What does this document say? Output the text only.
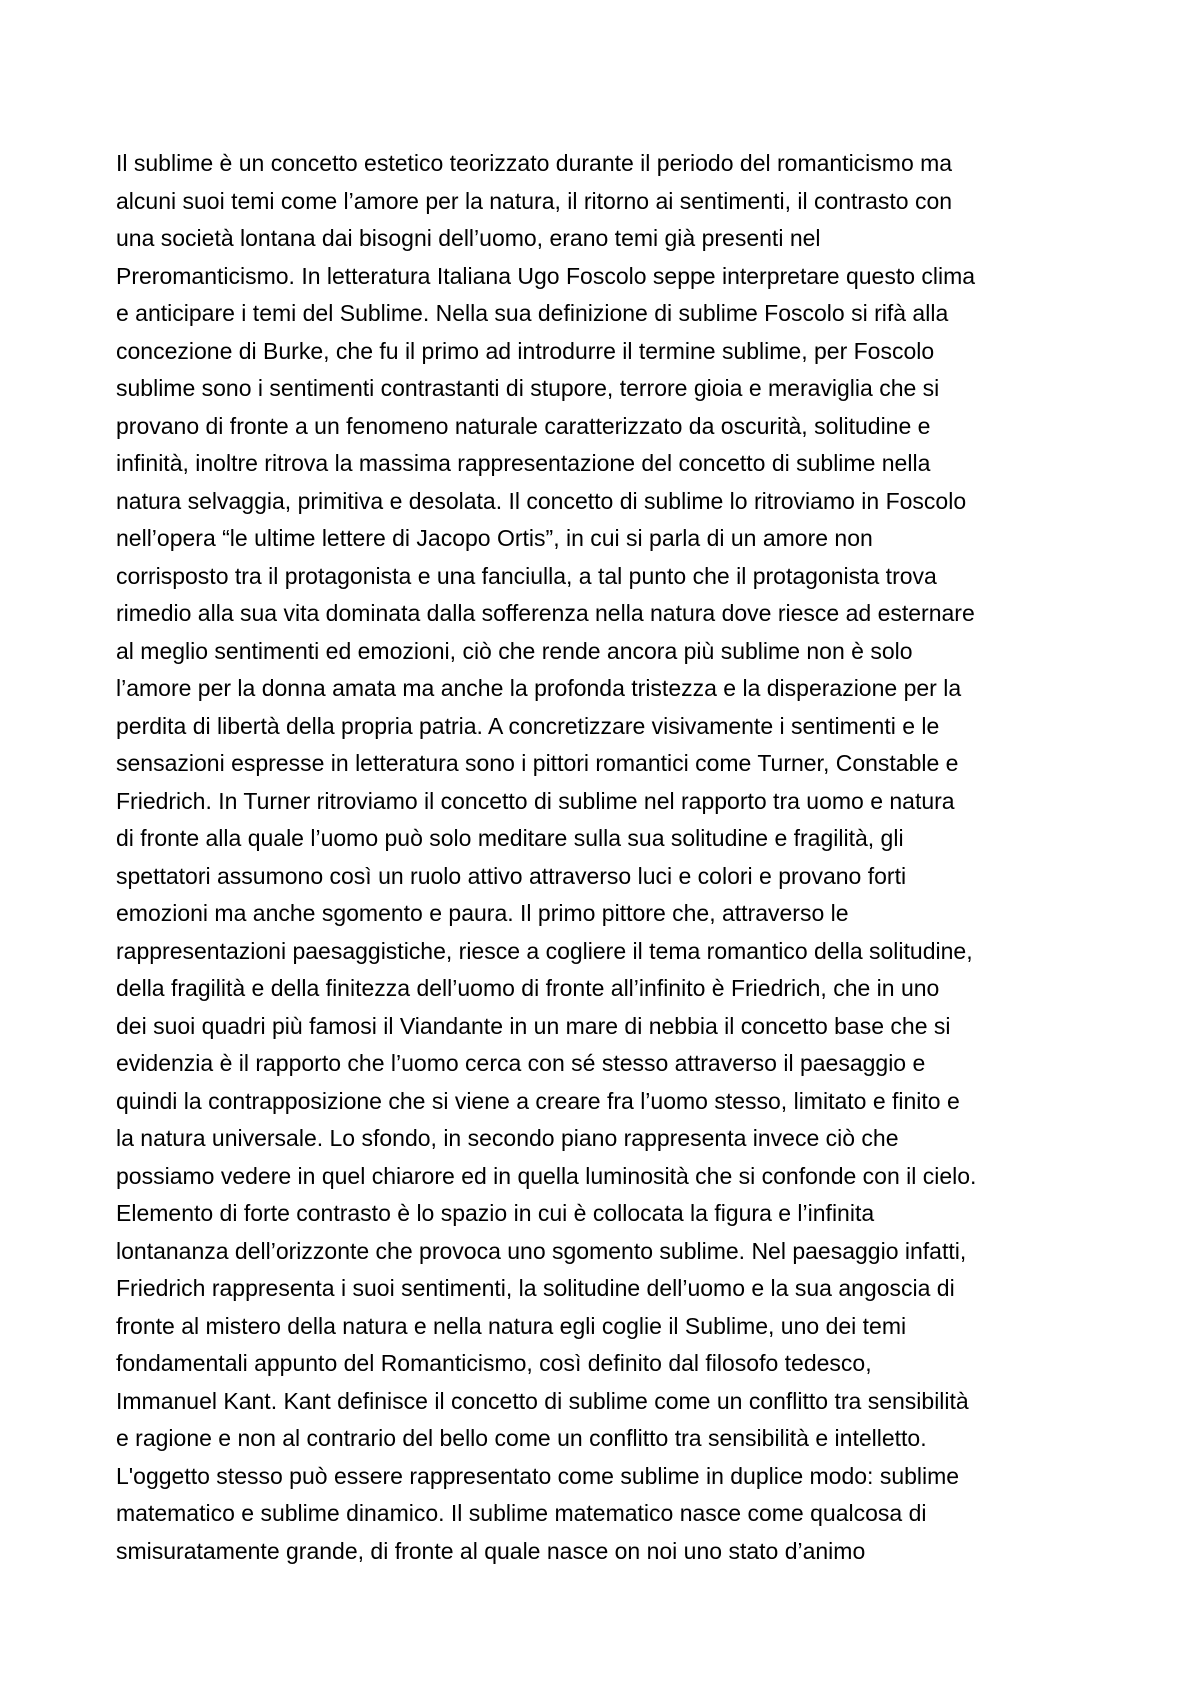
Il sublime è un concetto estetico teorizzato durante il periodo del romanticismo ma
alcuni suoi temi come l’amore per la natura, il ritorno ai sentimenti, il contrasto con
una società lontana dai bisogni dell’uomo, erano temi già presenti nel
Preromanticismo. In letteratura Italiana Ugo Foscolo seppe interpretare questo clima
e anticipare i temi del Sublime. Nella sua definizione di sublime Foscolo si rifà alla
concezione di Burke, che fu il primo ad introdurre il termine sublime, per Foscolo
sublime sono i sentimenti contrastanti di stupore, terrore gioia e meraviglia che si
provano di fronte a un fenomeno naturale caratterizzato da oscurità, solitudine e
infinità, inoltre ritrova la massima rappresentazione del concetto di sublime nella
natura selvaggia, primitiva e desolata. Il concetto di sublime lo ritroviamo in Foscolo
nell’opera “le ultime lettere di Jacopo Ortis”, in cui si parla di un amore non
corrisposto tra il protagonista e una fanciulla, a tal punto che il protagonista trova
rimedio alla sua vita dominata dalla sofferenza nella natura dove riesce ad esternare
al meglio sentimenti ed emozioni, ciò che rende ancora più sublime non è solo
l’amore per la donna amata ma anche la profonda tristezza e la disperazione per la
perdita di libertà della propria patria. A concretizzare visivamente i sentimenti e le
sensazioni espresse in letteratura sono i pittori romantici come Turner, Constable e
Friedrich. In Turner ritroviamo il concetto di sublime nel rapporto tra uomo e natura
di fronte alla quale l’uomo può solo meditare sulla sua solitudine e fragilità, gli
spettatori assumono così un ruolo attivo attraverso luci e colori e provano forti
emozioni ma anche sgomento e paura. Il primo pittore che, attraverso le
rappresentazioni paesaggistiche, riesce a cogliere il tema romantico della solitudine,
della fragilità e della finitezza dell’uomo di fronte all’infinito è Friedrich, che in uno
dei suoi quadri più famosi il Viandante in un mare di nebbia il concetto base che si
evidenzia è il rapporto che l’uomo cerca con sé stesso attraverso il paesaggio e
quindi la contrapposizione che si viene a creare fra l’uomo stesso, limitato e finito e
la natura universale. Lo sfondo, in secondo piano rappresenta invece ciò che
possiamo vedere in quel chiarore ed in quella luminosità che si confonde con il cielo.
Elemento di forte contrasto è lo spazio in cui è collocata la figura e l’infinita
lontananza dell’orizzonte che provoca uno sgomento sublime. Nel paesaggio infatti,
Friedrich rappresenta i suoi sentimenti, la solitudine dell’uomo e la sua angoscia di
fronte al mistero della natura e nella natura egli coglie il Sublime, uno dei temi
fondamentali appunto del Romanticismo, così definito dal filosofo tedesco,
Immanuel Kant. Kant definisce il concetto di sublime come un conflitto tra sensibilità
e ragione e non al contrario del bello come un conflitto tra sensibilità e intelletto.
L'oggetto stesso può essere rappresentato come sublime in duplice modo: sublime
matematico e sublime dinamico. Il sublime matematico nasce come qualcosa di
smisuratamente grande, di fronte al quale nasce on noi uno stato d’animo
